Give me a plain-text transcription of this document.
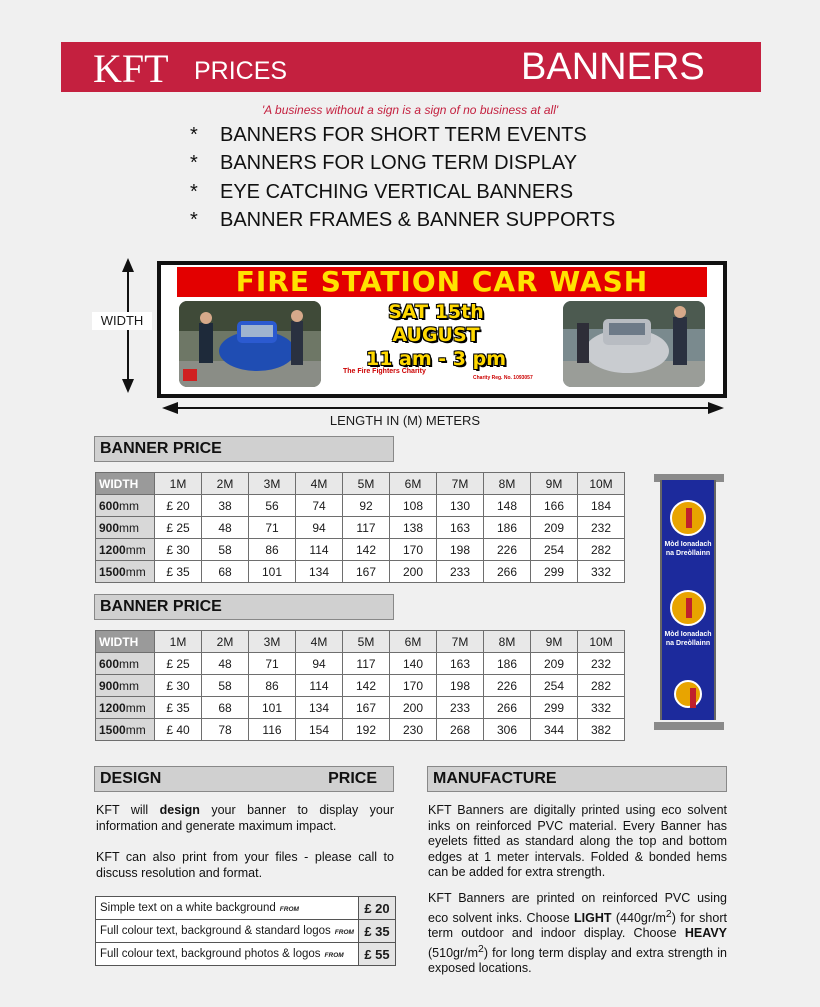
KFT PRICES	BANNERS
'A business without a sign is a sign of no business at all'
* BANNERS FOR SHORT TERM EVENTS
* BANNERS FOR LONG TERM DISPLAY
* EYE CATCHING VERTICAL BANNERS
* BANNER FRAMES & BANNER SUPPORTS
WIDTH
LENGTH IN (M) METERS
FIRE STATION CAR WASH
SAT 15th
AUGUST
11 am - 3 pm
The Fire Fighters Charity
Charity Reg. No. 1093057
BANNER PRICE
WIDTH	1M	2M	3M	4M	5M	6M	7M	8M	9M	10M
600mm	£ 20	38	56	74	92	108	130	148	166	184
900mm	£ 25	48	71	94	117	138	163	186	209	232
1200mm	£ 30	58	86	114	142	170	198	226	254	282
1500mm	£ 35	68	101	134	167	200	233	266	299	332
BANNER PRICE
WIDTH	1M	2M	3M	4M	5M	6M	7M	8M	9M	10M
600mm	£ 25	48	71	94	117	140	163	186	209	232
900mm	£ 30	58	86	114	142	170	198	226	254	282
1200mm	£ 35	68	101	134	167	200	233	266	299	332
1500mm	£ 40	78	116	154	192	230	268	306	344	382
Mòd Ionadach na Dreòllainn
Mòd Ionadach na Dreòllainn
DESIGN	PRICE
KFT will design your banner to display your information and generate maximum impact.
KFT can also print from your files - please call to discuss resolution and format.
Simple text on a white background FROM	£ 20
Full colour text, background & standard logos FROM	£ 35
Full colour text, background photos & logos FROM	£ 55
MANUFACTURE
KFT Banners are digitally printed using eco solvent inks on reinforced PVC material. Every Banner has eyelets fitted as standard along the top and bottom edges at 1 meter intervals. Folded & bonded hems can be added for extra strength.
KFT Banners are printed on reinforced PVC using eco solvent inks. Choose LIGHT $(440gr/m^2)$ for short term outdoor and indoor display. Choose HEAVY $(510gr/m^2)$ for long term display and extra strength in exposed locations.
